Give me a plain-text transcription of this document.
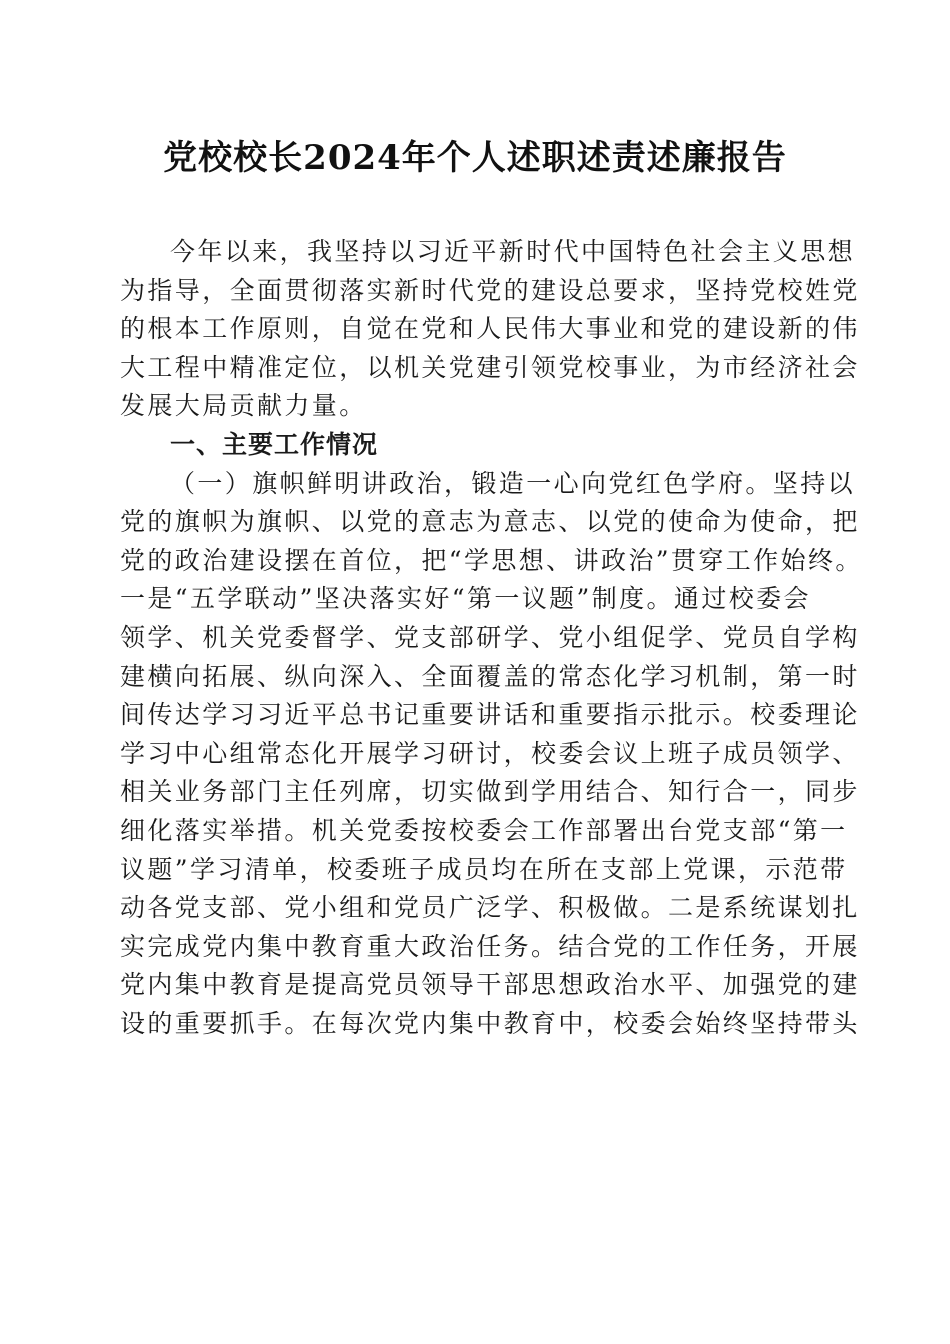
党校校长2024年个人述职述责述廉报告
今年以来，我坚持以习近平新时代中国特色社会主义思想
为指导，全面贯彻落实新时代党的建设总要求，坚持党校姓党
的根本工作原则，自觉在党和人民伟大事业和党的建设新的伟
大工程中精准定位，以机关党建引领党校事业，为市经济社会
发展大局贡献力量。
一、主要工作情况
（一）旗帜鲜明讲政治，锻造一心向党红色学府。坚持以
党的旗帜为旗帜、以党的意志为意志、以党的使命为使命，把
党的政治建设摆在首位，把“学思想、讲政治”贯穿工作始终。
一是“五学联动”坚决落实好“第一议题”制度。通过校委会
领学、机关党委督学、党支部研学、党小组促学、党员自学构
建横向拓展、纵向深入、全面覆盖的常态化学习机制，第一时
间传达学习习近平总书记重要讲话和重要指示批示。校委理论
学习中心组常态化开展学习研讨，校委会议上班子成员领学、
相关业务部门主任列席，切实做到学用结合、知行合一，同步
细化落实举措。机关党委按校委会工作部署出台党支部“第一
议题”学习清单，校委班子成员均在所在支部上党课，示范带
动各党支部、党小组和党员广泛学、积极做。二是系统谋划扎
实完成党内集中教育重大政治任务。结合党的工作任务，开展
党内集中教育是提高党员领导干部思想政治水平、加强党的建
设的重要抓手。在每次党内集中教育中，校委会始终坚持带头
